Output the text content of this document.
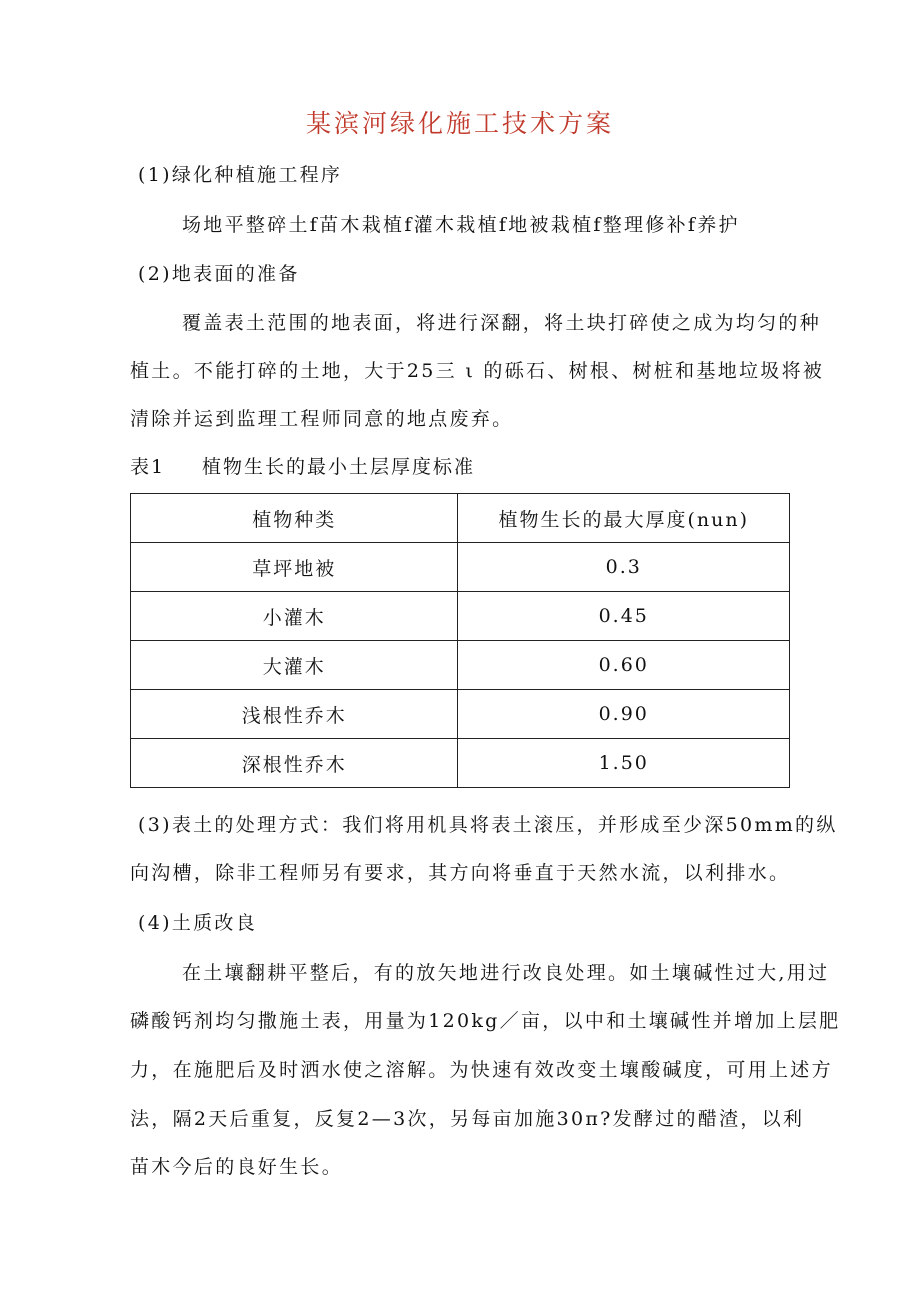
某滨河绿化施工技术方案
(1)绿化种植施工程序
场地平整碎土f苗木栽植f灌木栽植f地被栽植f整理修补f养护
(2)地表面的准备
覆盖表土范围的地表面，将进行深翻，将土块打碎使之成为均匀的种
植土。不能打碎的土地，大于25三 ι 的砾石、树根、树桩和基地垃圾将被
清除并运到监理工程师同意的地点废弃。
表1 植物生长的最小土层厚度标准
植物种类	植物生长的最大厚度(nun)
草坪地被	0.3
小灌木	0.45
大灌木	0.60
浅根性乔木	0.90
深根性乔木	1.50
(3)表土的处理方式：我们将用机具将表土滚压，并形成至少深50mm的纵
向沟槽，除非工程师另有要求，其方向将垂直于天然水流，以利排水。
(4)土质改良
在土壤翻耕平整后，有的放矢地进行改良处理。如土壤碱性过大,用过
磷酸钙剂均匀撒施土表，用量为120kg／亩，以中和土壤碱性并增加上层肥
力，在施肥后及时洒水使之溶解。为快速有效改变土壤酸碱度，可用上述方
法，隔2天后重复，反复2—3次，另每亩加施30π?发酵过的醋渣，以利
苗木今后的良好生长。
